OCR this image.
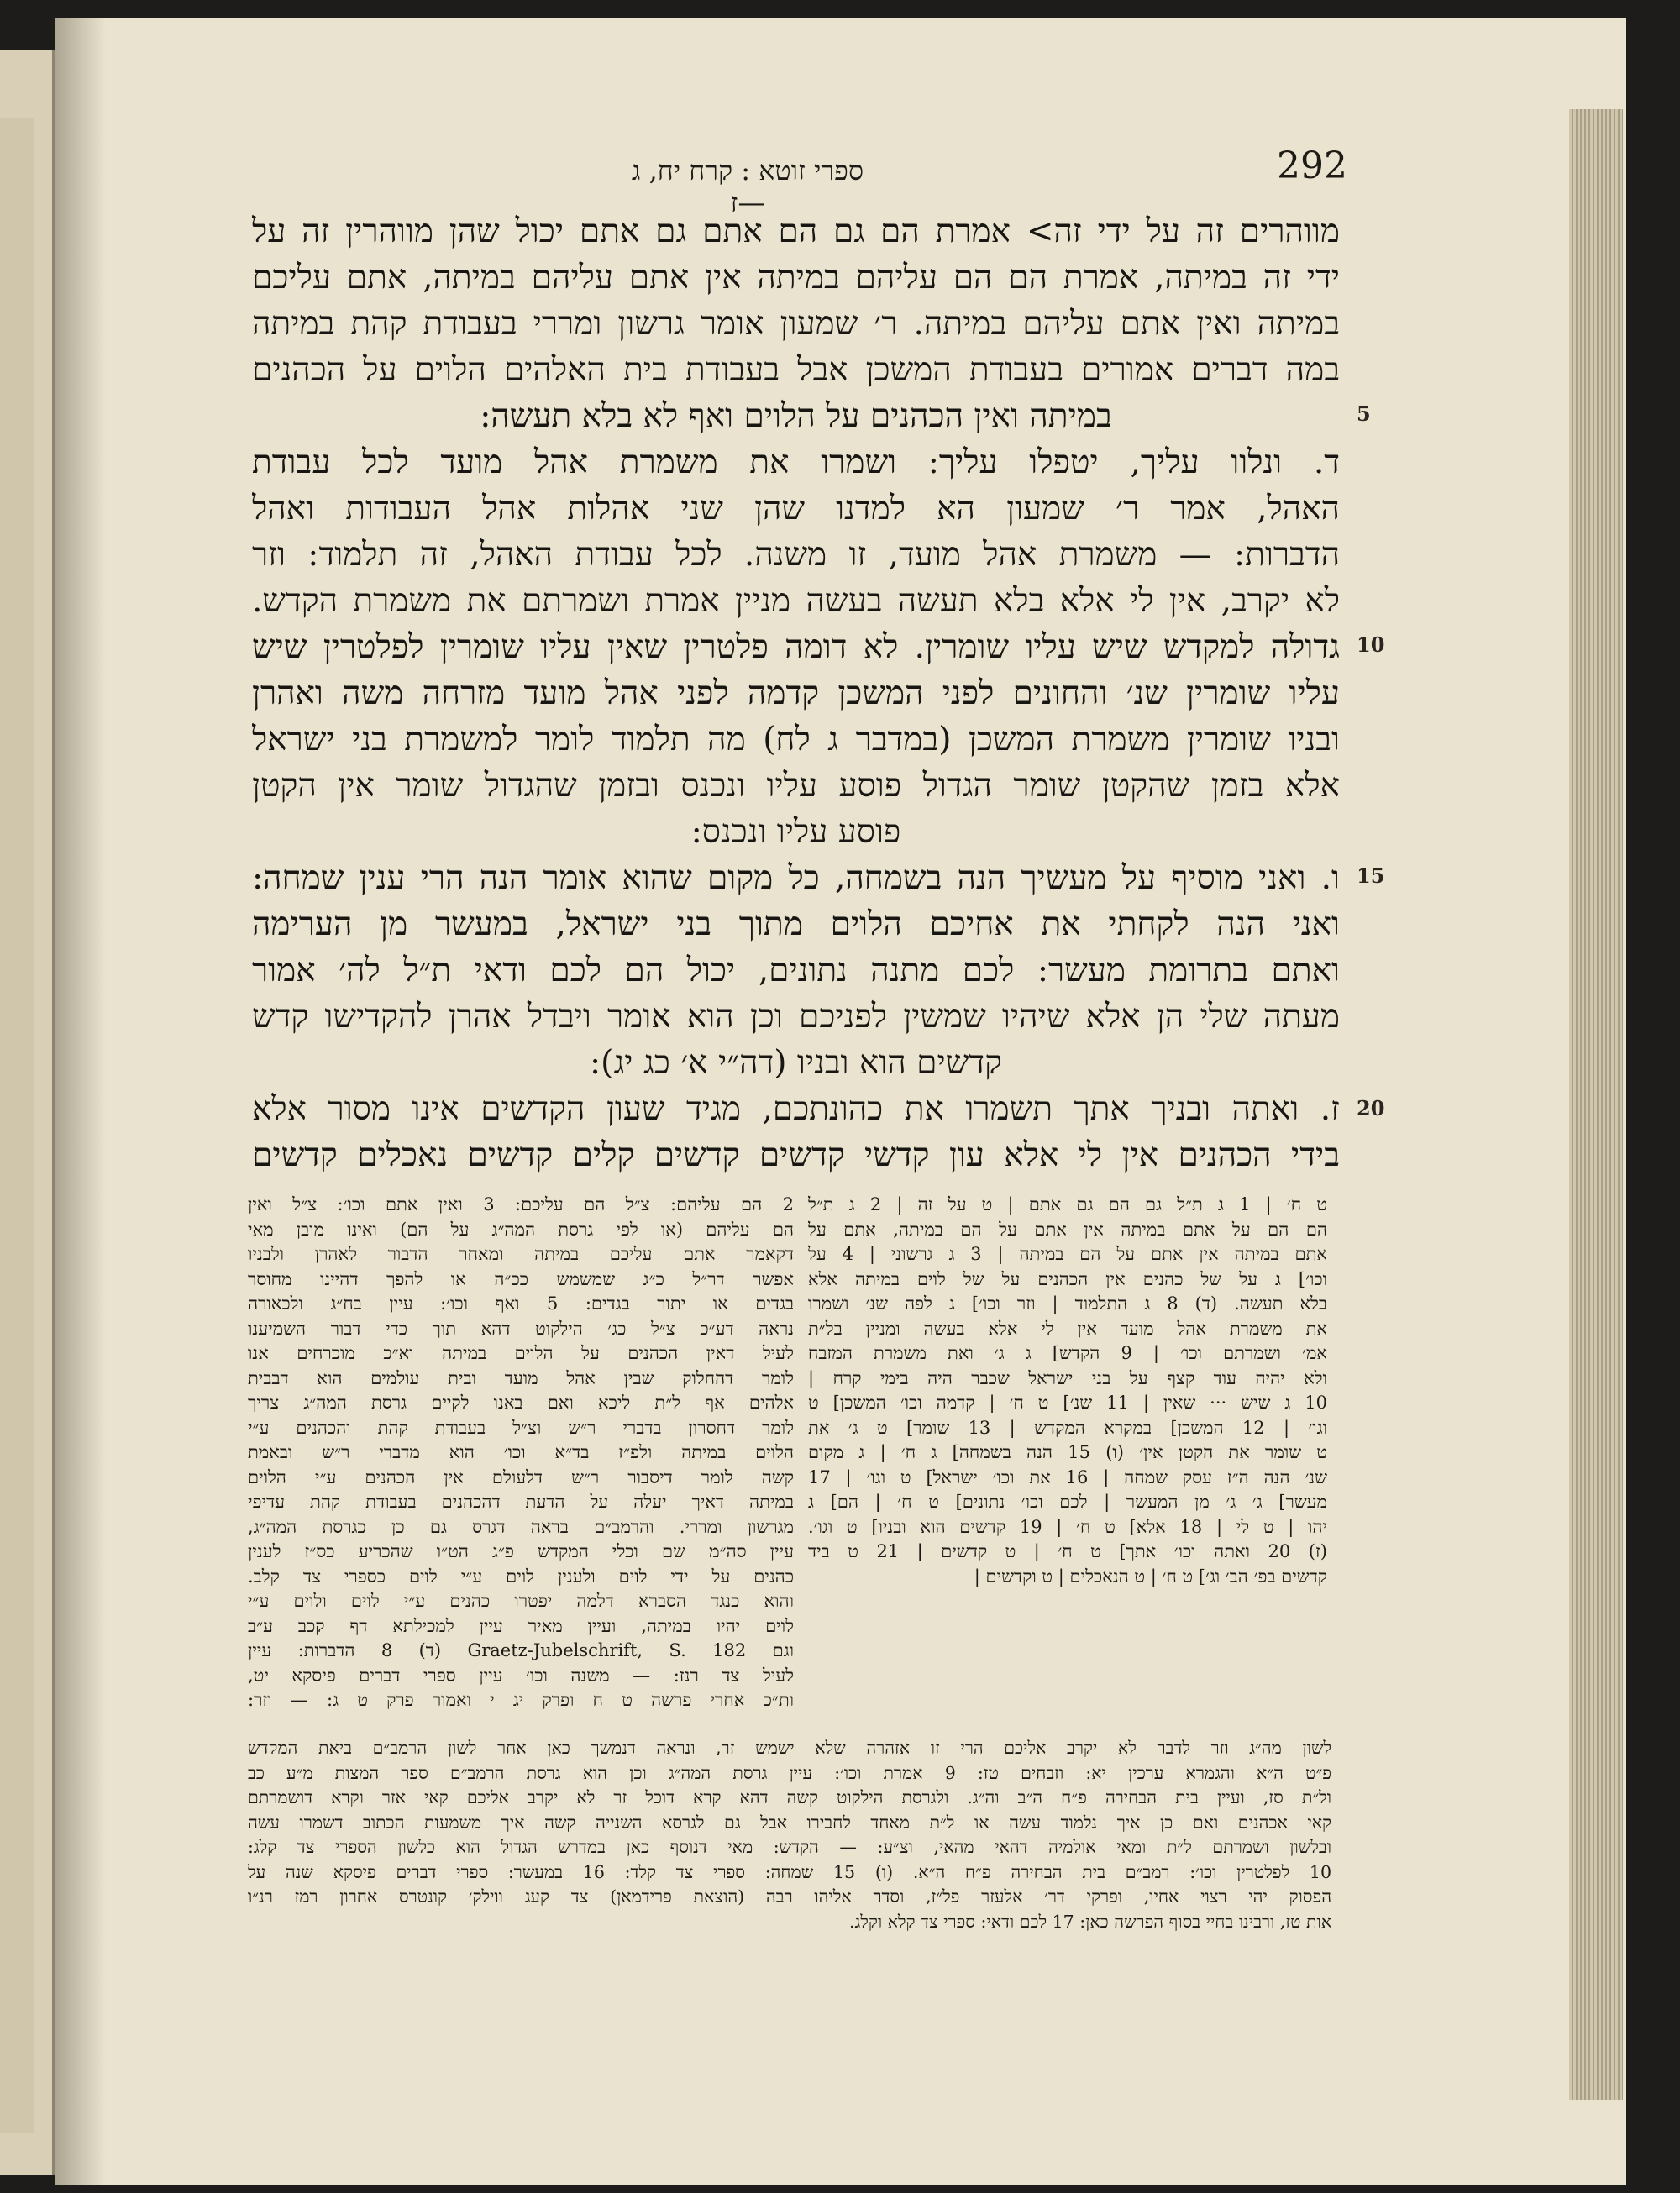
ספרי זוטא : קרח יח, ג—ז
292
5
10
15
20
מווהרים זה על ידי זה> אמרת הם גם הם אתם גם אתם יכול שהן מווהרין זה על
ידי זה במיתה, אמרת הם הם עליהם במיתה אין אתם עליהם במיתה, אתם עליכם
במיתה ואין אתם עליהם במיתה. ר׳ שמעון אומר גרשון ומררי בעבודת קהת במיתה
במה דברים אמורים בעבודת המשכן אבל בעבודת בית האלהים הלוים על הכהנים
במיתה ואין הכהנים על הלוים ואף לא בלא תעשה:
ד. ונלוו עליך, יטפלו עליך: ושמרו את משמרת אהל מועד לכל עבודת
האהל, אמר ר׳ שמעון הא למדנו שהן שני אהלות אהל העבודות ואהל
הדברות: — משמרת אהל מועד, זו משנה. לכל עבודת האהל, זה תלמוד: וזר
לא יקרב, אין לי אלא בלא תעשה בעשה מניין אמרת ושמרתם את משמרת הקדש.
גדולה למקדש שיש עליו שומרין. לא דומה פלטרין שאין עליו שומרין לפלטרין שיש
עליו שומרין שנ׳ והחונים לפני המשכן קדמה לפני אהל מועד מזרחה משה ואהרן
ובניו שומרין משמרת המשכן (במדבר ג לח) מה תלמוד לומר למשמרת בני ישראל
אלא בזמן שהקטן שומר הגדול פוסע עליו ונכנס ובזמן שהגדול שומר אין הקטן
פוסע עליו ונכנס:
ו. ואני מוסיף על מעשיך הנה בשמחה, כל מקום שהוא אומר הנה הרי ענין שמחה:
ואני הנה לקחתי את אחיכם הלוים מתוך בני ישראל, במעשר מן הערימה
ואתם בתרומת מעשר: לכם מתנה נתונים, יכול הם לכם ודאי ת״ל לה׳ אמור
מעתה שלי הן אלא שיהיו שמשין לפניכם וכן הוא אומר ויבדל אהרן להקדישו קדש
קדשים הוא ובניו (דה״י א׳ כג יג):
ז. ואתה ובניך אתך תשמרו את כהונתכם, מגיד שעון הקדשים אינו מסור אלא
בידי הכהנים אין לי אלא עון קדשי קדשים קדשים קלים קדשים נאכלים קדשים
ט ח׳ | 1 ג ת״ל גם הם גם אתם | ט על זה | 2 ג ת״ל
הם הם על אתם במיתה אין אתם על הם במיתה, אתם על
אתם במיתה אין אתם על הם במיתה | 3 ג גרשוני | 4 על
וכו׳] ג על של כהנים אין הכהנים על של לוים במיתה אלא
בלא תעשה. (ד) 8 ג התלמוד | וזר וכו׳] ג לפה שנ׳ ושמרו
את משמרת אהל מועד אין לי אלא בעשה ומניין בל״ת
אמ׳ ושמרתם וכו׳ | 9 הקדש] ג ג׳ ואת משמרת המזבח
ולא יהיה עוד קצף על בני ישראל שכבר היה בימי קרח |
10 ג שיש ··· שאין | 11 שנ׳] ט ח׳ | קדמה וכו׳ המשכן] ט
וגו׳ | 12 המשכן] במקרא המקדש | 13 שומר] ט ג׳ את
ט שומר את הקטן אין׳ (ו) 15 הנה בשמחה] ג ח׳ | ג מקום
שנ׳ הנה ה״ז עסק שמחה | 16 את וכו׳ ישראל] ט וגו׳ | 17
מעשר] ג׳ ג׳ מן המעשר | לכם וכו׳ נתונים] ט ח׳ | הם] ג
יהו | ט לי | 18 אלא] ט ח׳ | 19 קדשים הוא ובניו] ט וגו׳.
(ז) 20 ואתה וכו׳ אתך] ט ח׳ | ט קדשים | 21 ט ביד
קדשים בפ׳ הב׳ וג׳] ט ח׳ | ט הנאכלים | ט וקדשים |
2 הם עליהם: צ״ל הם עליכם: 3 ואין אתם וכו׳: צ״ל ואין
הם עליהם (או לפי גרסת המה״ג על הם) ואינו מובן מאי
דקאמר אתם עליכם במיתה ומאחר הדבור לאהרן ולבניו
אפשר דר״ל כ״ג שמשמש ככ״ה או להפך דהיינו מחוסר
בגדים או יתור בגדים: 5 ואף וכו׳: עיין בח״ג ולכאורה
נראה דע״כ צ״ל כג׳ הילקוט דהא תוך כדי דבור השמיענו
לעיל דאין הכהנים על הלוים במיתה וא״כ מוכרחים אנו
לומר דהחלוק שבין אהל מועד ובית עולמים הוא דבבית
אלהים אף ל״ת ליכא ואם באנו לקיים גרסת המה״ג צריך
לומר דחסרון בדברי ר״ש וצ״ל בעבודת קהת והכהנים ע״י
הלוים במיתה ולפ״ז בד״א וכו׳ הוא מדברי ר״ש ובאמת
קשה לומר דיסבור ר״ש דלעולם אין הכהנים ע״י הלוים
במיתה דאיך יעלה על הדעת דהכהנים בעבודת קהת עדיפי
מגרשון ומררי. והרמב״ם בראה דגרס גם כן כגרסת המה״ג,
עיין סה״מ שם וכלי המקדש פ״ג הט״ו שהכריע כס״ז לענין
כהנים על ידי לוים ולענין לוים ע״י לוים כספרי צד קלב.
והוא כנגד הסברא דלמה יפטרו כהנים ע״י לוים ולוים ע״י
לוים יהיו במיתה, ועיין מאיר עיין למכילתא דף קכב ע״ב
וגם Graetz-Jubelschrift, S. 182 (ד) 8 הדברות: עיין
לעיל צד רנז: — משנה וכו׳ עיין ספרי דברים פיסקא יט,
ות״כ אחרי פרשה ט ח ופרק יג י ואמור פרק ט ג: — וזר:
לשון מה״ג וזר לדבר לא יקרב אליכם הרי זו אזהרה שלא ישמש זר, ונראה דנמשך כאן אחר לשון הרמב״ם ביאת המקדש
פ״ט ה״א והגמרא ערכין יא: וזבחים טז: 9 אמרת וכו׳: עיין גרסת המה״ג וכן הוא גרסת הרמב״ם ספר המצות מ״ע כב
ול״ת סז, ועיין בית הבחירה פ״ח ה״ב וה״ג. ולגרסת הילקוט קשה דהא קרא דוכל זר לא יקרב אליכם קאי אזר וקרא דושמרתם
קאי אכהנים ואם כן איך נלמוד עשה או ל״ת מאחד לחבירו אבל גם לגרסא השנייה קשה איך משמעות הכתוב דשמרו עשה
ובלשון ושמרתם ל״ת ומאי אולמיה דהאי מהאי, וצ״ע: — הקדש: מאי דנוסף כאן במדרש הגדול הוא כלשון הספרי צד קלג:
10 לפלטרין וכו׳: רמב״ם בית הבחירה פ״ח ה״א. (ו) 15 שמחה: ספרי צד קלד: 16 במעשר: ספרי דברים פיסקא שנה על
הפסוק יהי רצוי אחיו, ופרקי דר׳ אלעזר פל״ז, וסדר אליהו רבה (הוצאת פרידמאן) צד קעג ווילק׳ קונטרס אחרון רמז רנ״ו
אות טז, ורבינו בחיי בסוף הפרשה כאן: 17 לכם ודאי: ספרי צד קלא וקלג.
